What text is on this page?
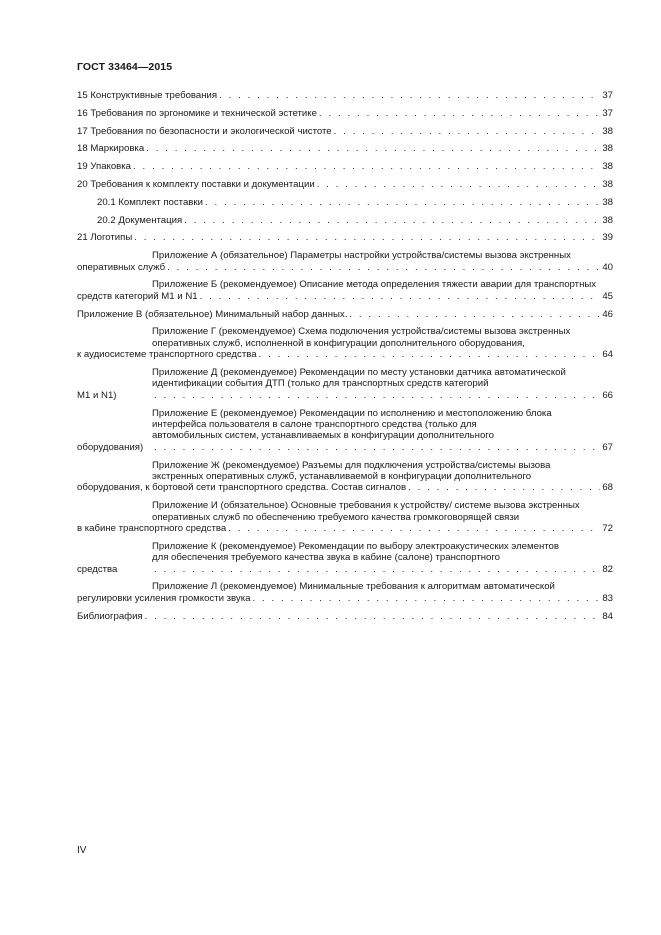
ГОСТ 33464—2015
15 Конструктивные требования . . .	37
16 Требования по эргономике и технической эстетике . . .	37
17 Требования по безопасности и экологической чистоте . . .	38
18 Маркировка . . .	38
19 Упаковка . . .	38
20 Требования к комплекту поставки и документации . . .	38
20.1 Комплект поставки . . .	38
20.2 Документация . . .	38
21 Логотипы . . .	39
Приложение А (обязательное) Параметры настройки устройства/системы вызова экстренных
оперативных служб . . .	40
Приложение Б (рекомендуемое) Описание метода определения тяжести аварии для транспортных
средств категорий М1 и N1 . . .	45
Приложение В (обязательное) Минимальный набор данных. . . .	46
Приложение Г (рекомендуемое) Схема подключения устройства/системы вызова экстренных
оперативных служб, исполненной в конфигурации дополнительного оборудования,
к аудиосистеме транспортного средства . . .	64
Приложение Д (рекомендуемое) Рекомендации по месту установки датчика автоматической
идентификации события ДТП (только для транспортных средств категорий
М1 и N1) . . .	66
Приложение Е (рекомендуемое) Рекомендации по исполнению и местоположению блока
интерфейса пользователя в салоне транспортного средства (только для
автомобильных систем, устанавливаемых в конфигурации дополнительного
оборудования) . . .	67
Приложение Ж (рекомендуемое) Разъемы для подключения устройства/системы вызова
экстренных оперативных служб, устанавливаемой в конфигурации дополнительного
оборудования, к бортовой сети транспортного средства. Состав сигналов . . .	68
Приложение И (обязательное) Основные требования к устройству/ системе вызова экстренных
оперативных служб по обеспечению требуемого качества громкоговорящей связи
в кабине транспортного средства . . .	72
Приложение К (рекомендуемое) Рекомендации по выбору электроакустических элементов
для обеспечения требуемого качества звука в кабине (салоне) транспортного
средства . . .	82
Приложение Л (рекомендуемое) Минимальные требования к алгоритмам автоматической
регулировки усиления громкости звука . . .	83
Библиография . . .	84
IV
